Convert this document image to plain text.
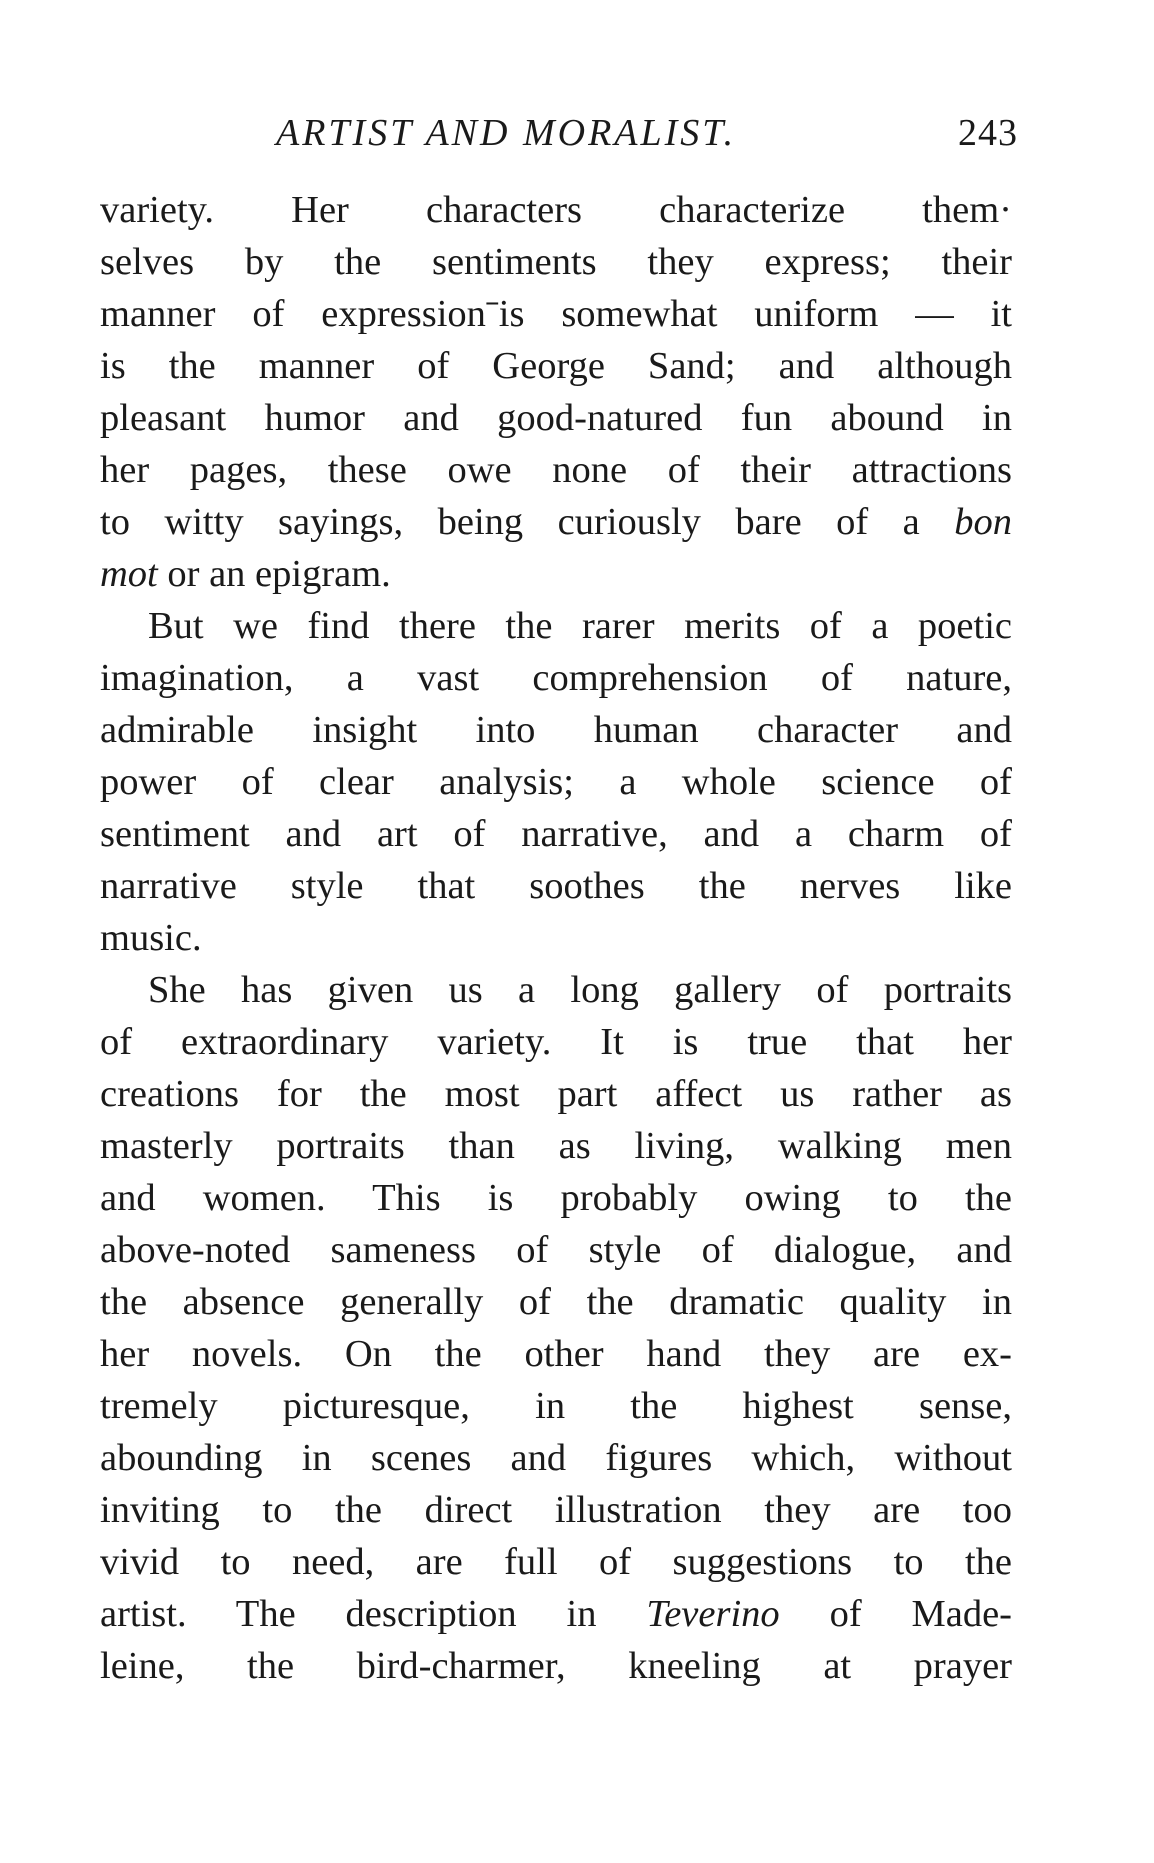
ARTIST AND MORALIST.	243
variety. Her characters characterize them·
selves by the sentiments they express; their
manner of expressionˉis somewhat uniform — it
is the manner of George Sand; and although
pleasant humor and good-natured fun abound in
her pages, these owe none of their attractions
to witty sayings, being curiously bare of a bon
mot or an epigram.
But we find there the rarer merits of a poetic
imagination, a vast comprehension of nature,
admirable insight into human character and
power of clear analysis; a whole science of
sentiment and art of narrative, and a charm of
narrative style that soothes the nerves like
music.
She has given us a long gallery of portraits
of extraordinary variety. It is true that her
creations for the most part affect us rather as
masterly portraits than as living, walking men
and women. This is probably owing to the
above-noted sameness of style of dialogue, and
the absence generally of the dramatic quality in
her novels. On the other hand they are ex-
tremely picturesque, in the highest sense,
abounding in scenes and figures which, without
inviting to the direct illustration they are too
vivid to need, are full of suggestions to the
artist. The description in Teverino of Made-
leine, the bird-charmer, kneeling at prayer
